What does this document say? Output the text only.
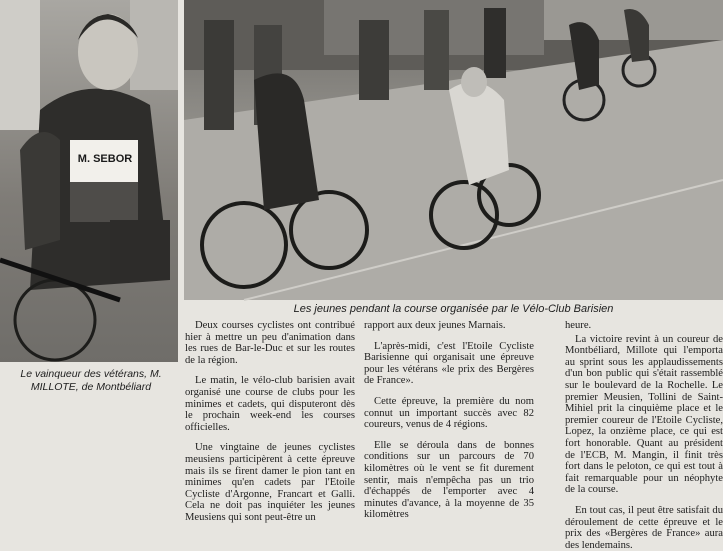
M. SEBOR
Le vainqueur des vétérans, M. MILLOTE, de Montbéliard
Les jeunes pendant la course organisée par le Vélo-Club Barisien

Deux courses cyclistes ont contribué hier à mettre un peu d'animation dans les rues de Bar-le-Duc et sur les routes de la région.

Le matin, le vélo-club barisien avait organisé une course de clubs pour les minimes et cadets, qui disputeront dès le prochain week-end les courses officielles.

Une vingtaine de jeunes cyclistes meusiens participèrent à cette épreuve mais ils se firent damer le pion tant en minimes qu'en cadets par l'Etoile Cycliste d'Argonne, Francart et Galli. Cela ne doit pas inquiéter les jeunes Meusiens qui sont peut-être un

rapport aux deux jeunes Marnais.

L'après-midi, c'est l'Etoile Cycliste Barisienne qui organisait une épreuve pour les vétérans «le prix des Bergères de France».

Cette épreuve, la première du nom connut un important succès avec 82 coureurs, venus de 4 régions.

Elle se déroula dans de bonnes conditions sur un parcours de 70 kilomètres où le vent se fit durement sentir, mais n'empêcha pas un trio d'échappés de l'emporter avec 4 minutes d'avance, à la moyenne de 35 kilomètres

heure.

La victoire revint à un coureur de Montbéliard, Millote qui l'emporta au sprint sous les applaudissements d'un bon public qui s'était rassemblé sur le boulevard de la Rochelle. Le premier Meusien, Tollini de Saint-Mihiel prit la cinquième place et le premier coureur de l'Etoile Cycliste, Lopez, la onzième place, ce qui est fort honorable. Quant au président de l'ECB, M. Mangin, il finit très fort dans le peloton, ce qui est tout à fait remarquable pour un néophyte de la course.

En tout cas, il peut être satisfait du déroulement de cette épreuve et le prix des «Bergères de France» aura des lendemains.
